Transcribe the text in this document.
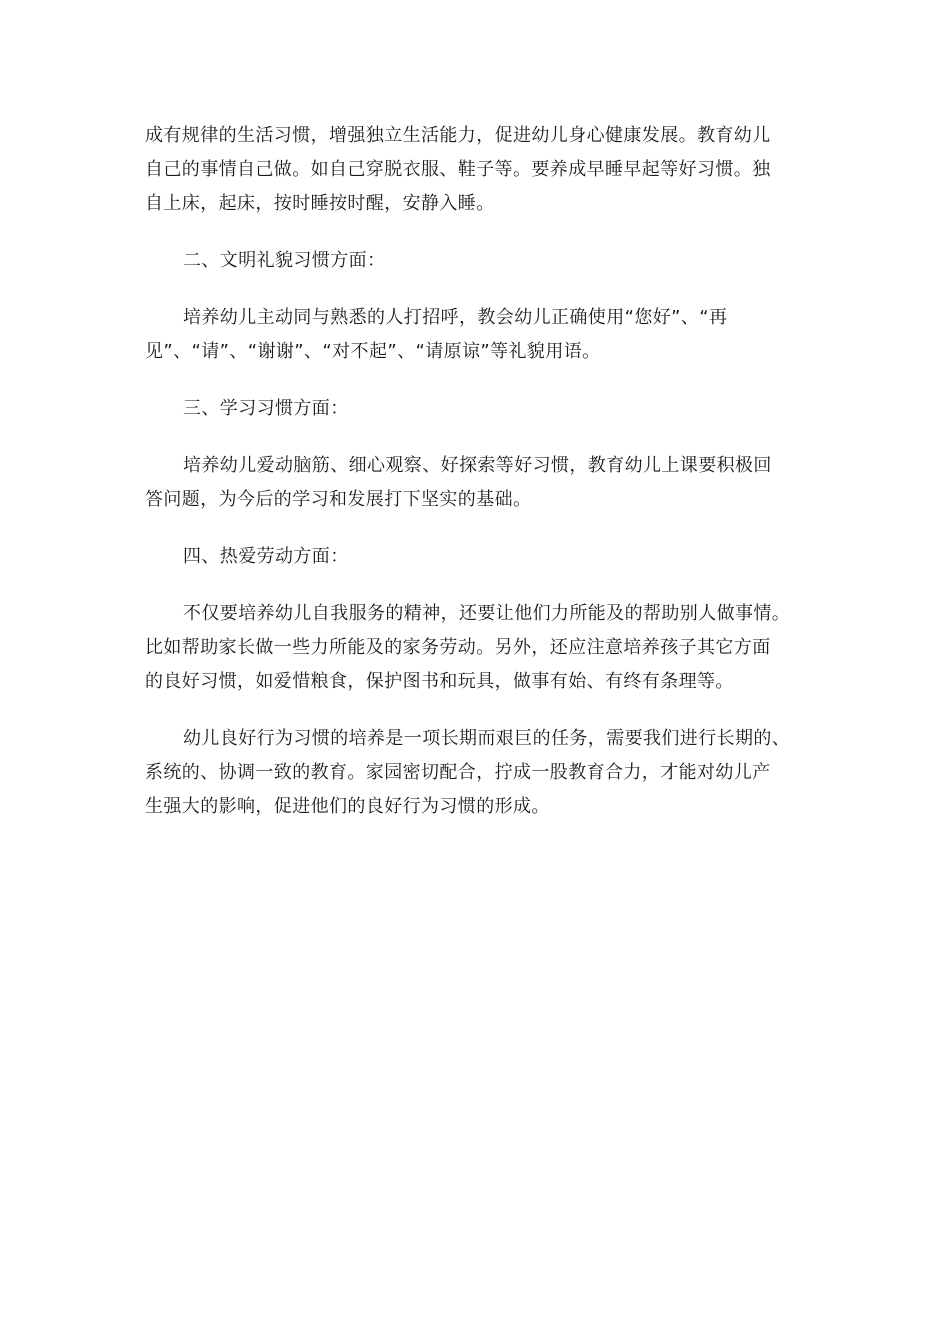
成有规律的生活习惯，增强独立生活能力，促进幼儿身心健康发展。教育幼儿
自己的事情自己做。如自己穿脱衣服、鞋子等。要养成早睡早起等好习惯。独
自上床，起床，按时睡按时醒，安静入睡。

二、文明礼貌习惯方面：

培养幼儿主动同与熟悉的人打招呼，教会幼儿正确使用“您好”、“再
见”、“请”、“谢谢”、“对不起”、“请原谅”等礼貌用语。

三、学习习惯方面：

培养幼儿爱动脑筋、细心观察、好探索等好习惯，教育幼儿上课要积极回
答问题，为今后的学习和发展打下坚实的基础。

四、热爱劳动方面：

不仅要培养幼儿自我服务的精神，还要让他们力所能及的帮助别人做事情。
比如帮助家长做一些力所能及的家务劳动。另外，还应注意培养孩子其它方面
的良好习惯，如爱惜粮食，保护图书和玩具，做事有始、有终有条理等。

幼儿良好行为习惯的培养是一项长期而艰巨的任务，需要我们进行长期的、
系统的、协调一致的教育。家园密切配合，拧成一股教育合力，才能对幼儿产
生强大的影响，促进他们的良好行为习惯的形成。
